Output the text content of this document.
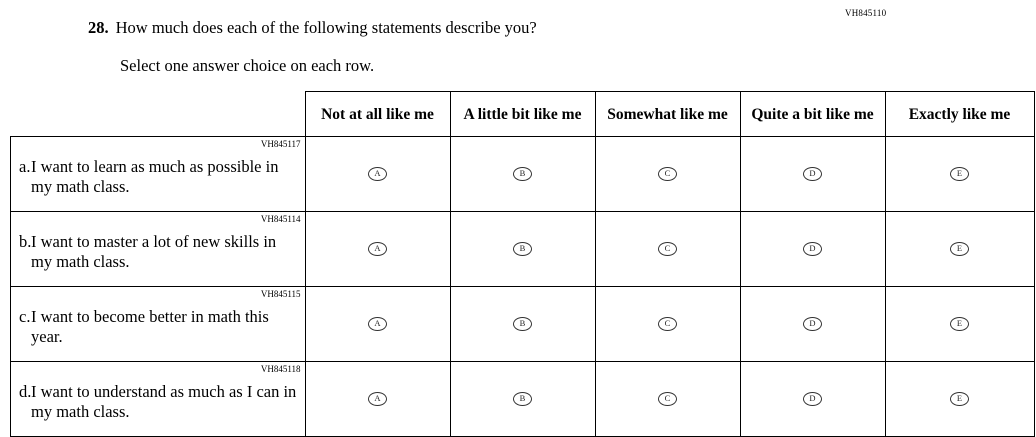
VH845110
28. How much does each of the following statements describe you?
Select one answer choice on each row.
	Not at all like me	A little bit like me	Somewhat like me	Quite a bit like me	Exactly like me

VH845117
a. I want to learn as much as possible in my math class.	A	B	C	D	E

VH845114
b. I want to master a lot of new skills in my math class.	A	B	C	D	E

VH845115
c. I want to become better in math this year.	A	B	C	D	E

VH845118
d. I want to understand as much as I can in my math class.	A	B	C	D	E
